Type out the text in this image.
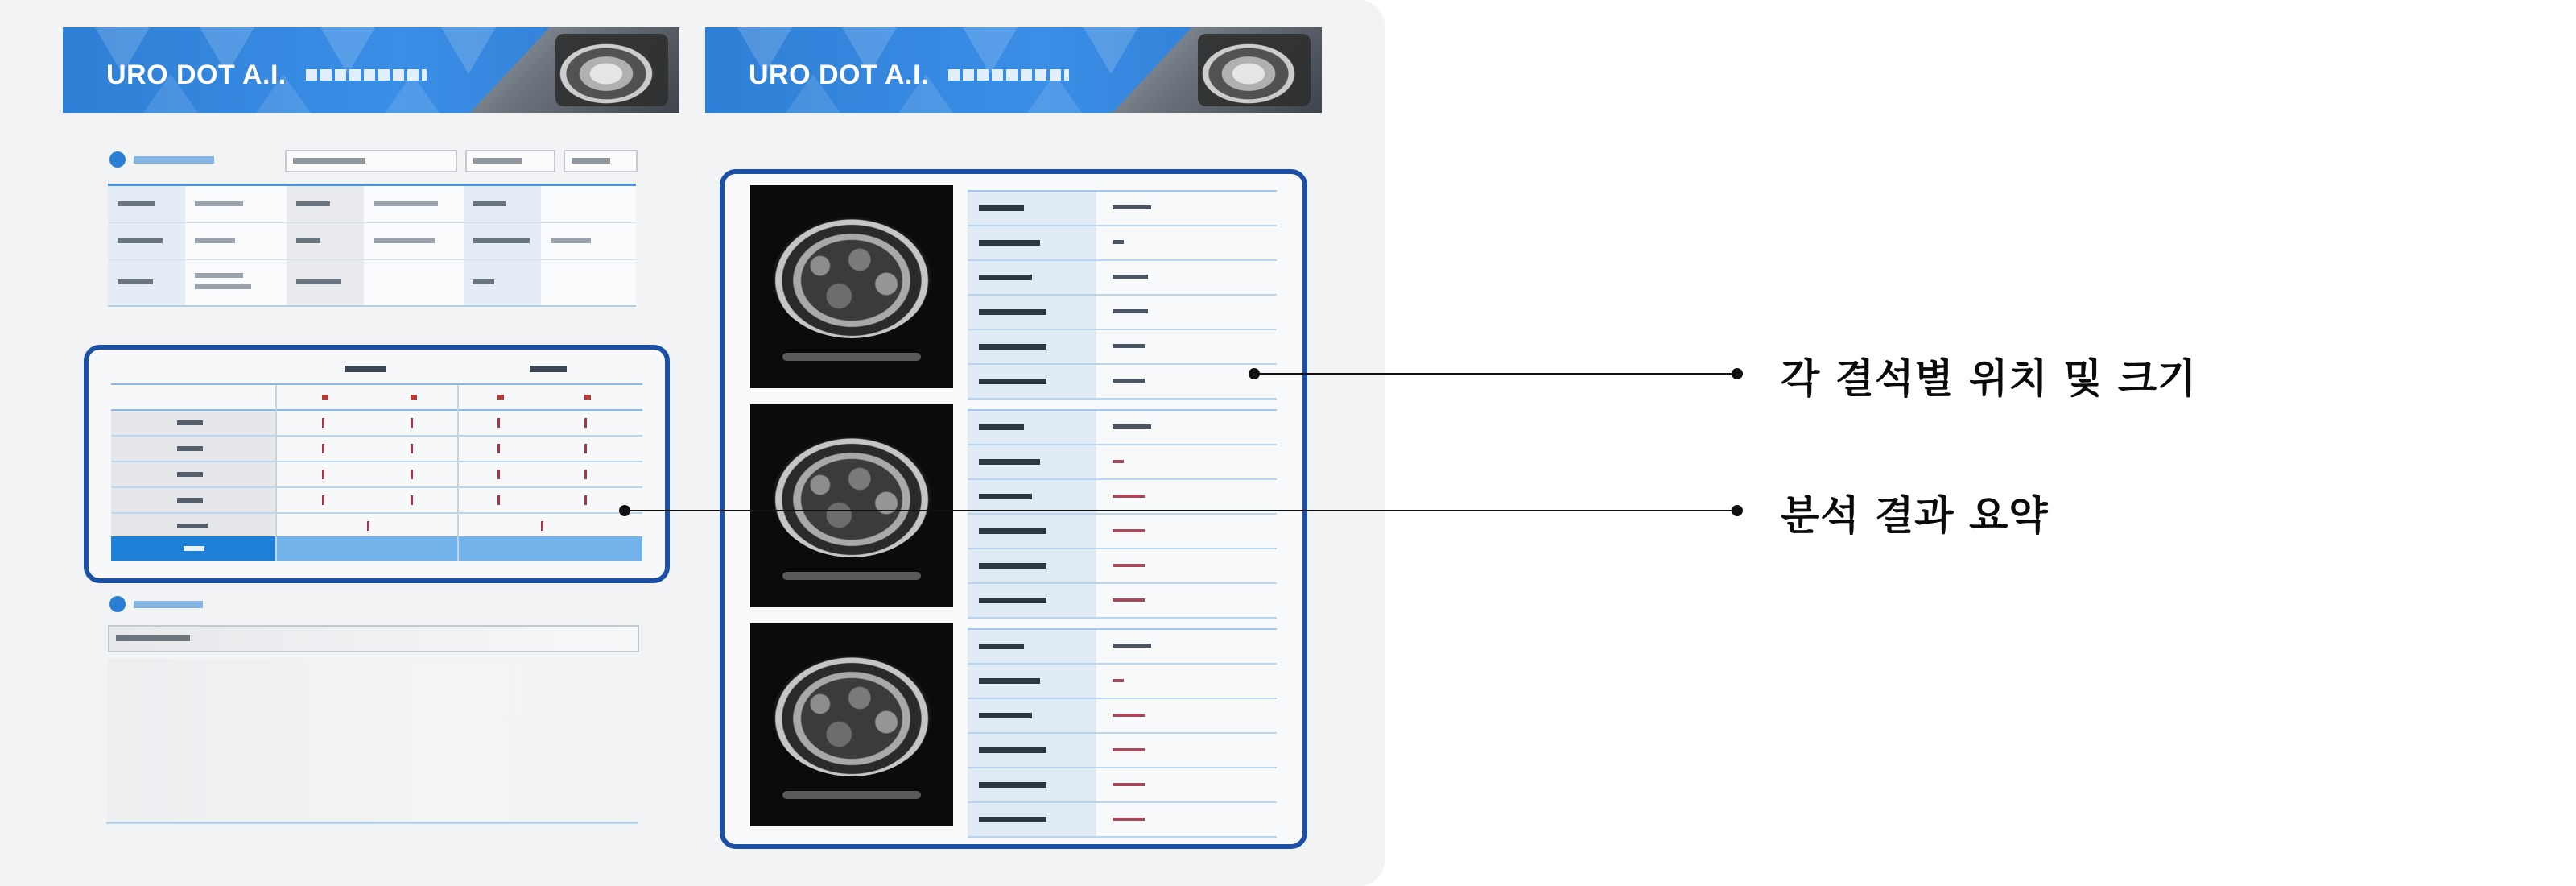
URO DOT A.I.	URO DOT A.I.
각 결석별 위치 및 크기
분석 결과 요약
